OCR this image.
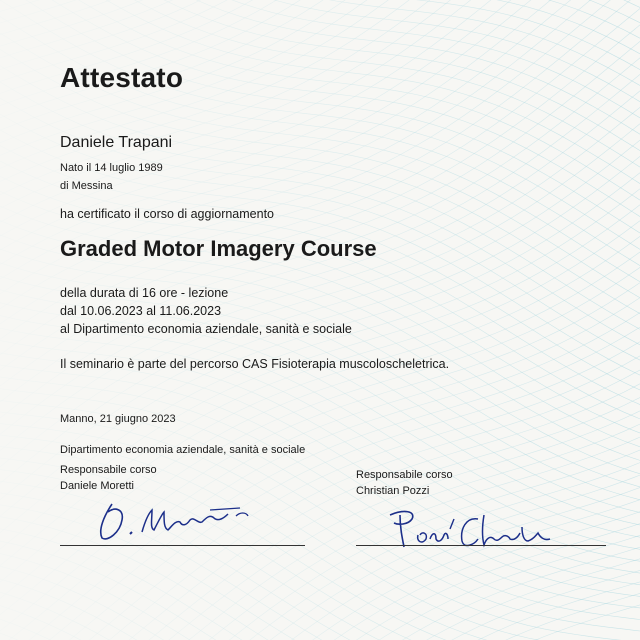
Attestato
Daniele Trapani
Nato il 14 luglio 1989
di Messina
ha certificato il corso di aggiornamento
Graded Motor Imagery Course
della durata di 16 ore - lezione
dal 10.06.2023 al 11.06.2023
al Dipartimento economia aziendale, sanità e sociale
Il seminario è parte del percorso CAS Fisioterapia muscoloscheletrica.
Manno, 21 giugno 2023
Dipartimento economia aziendale, sanità e sociale
Responsabile corso
Daniele Moretti
Responsabile corso
Christian Pozzi
